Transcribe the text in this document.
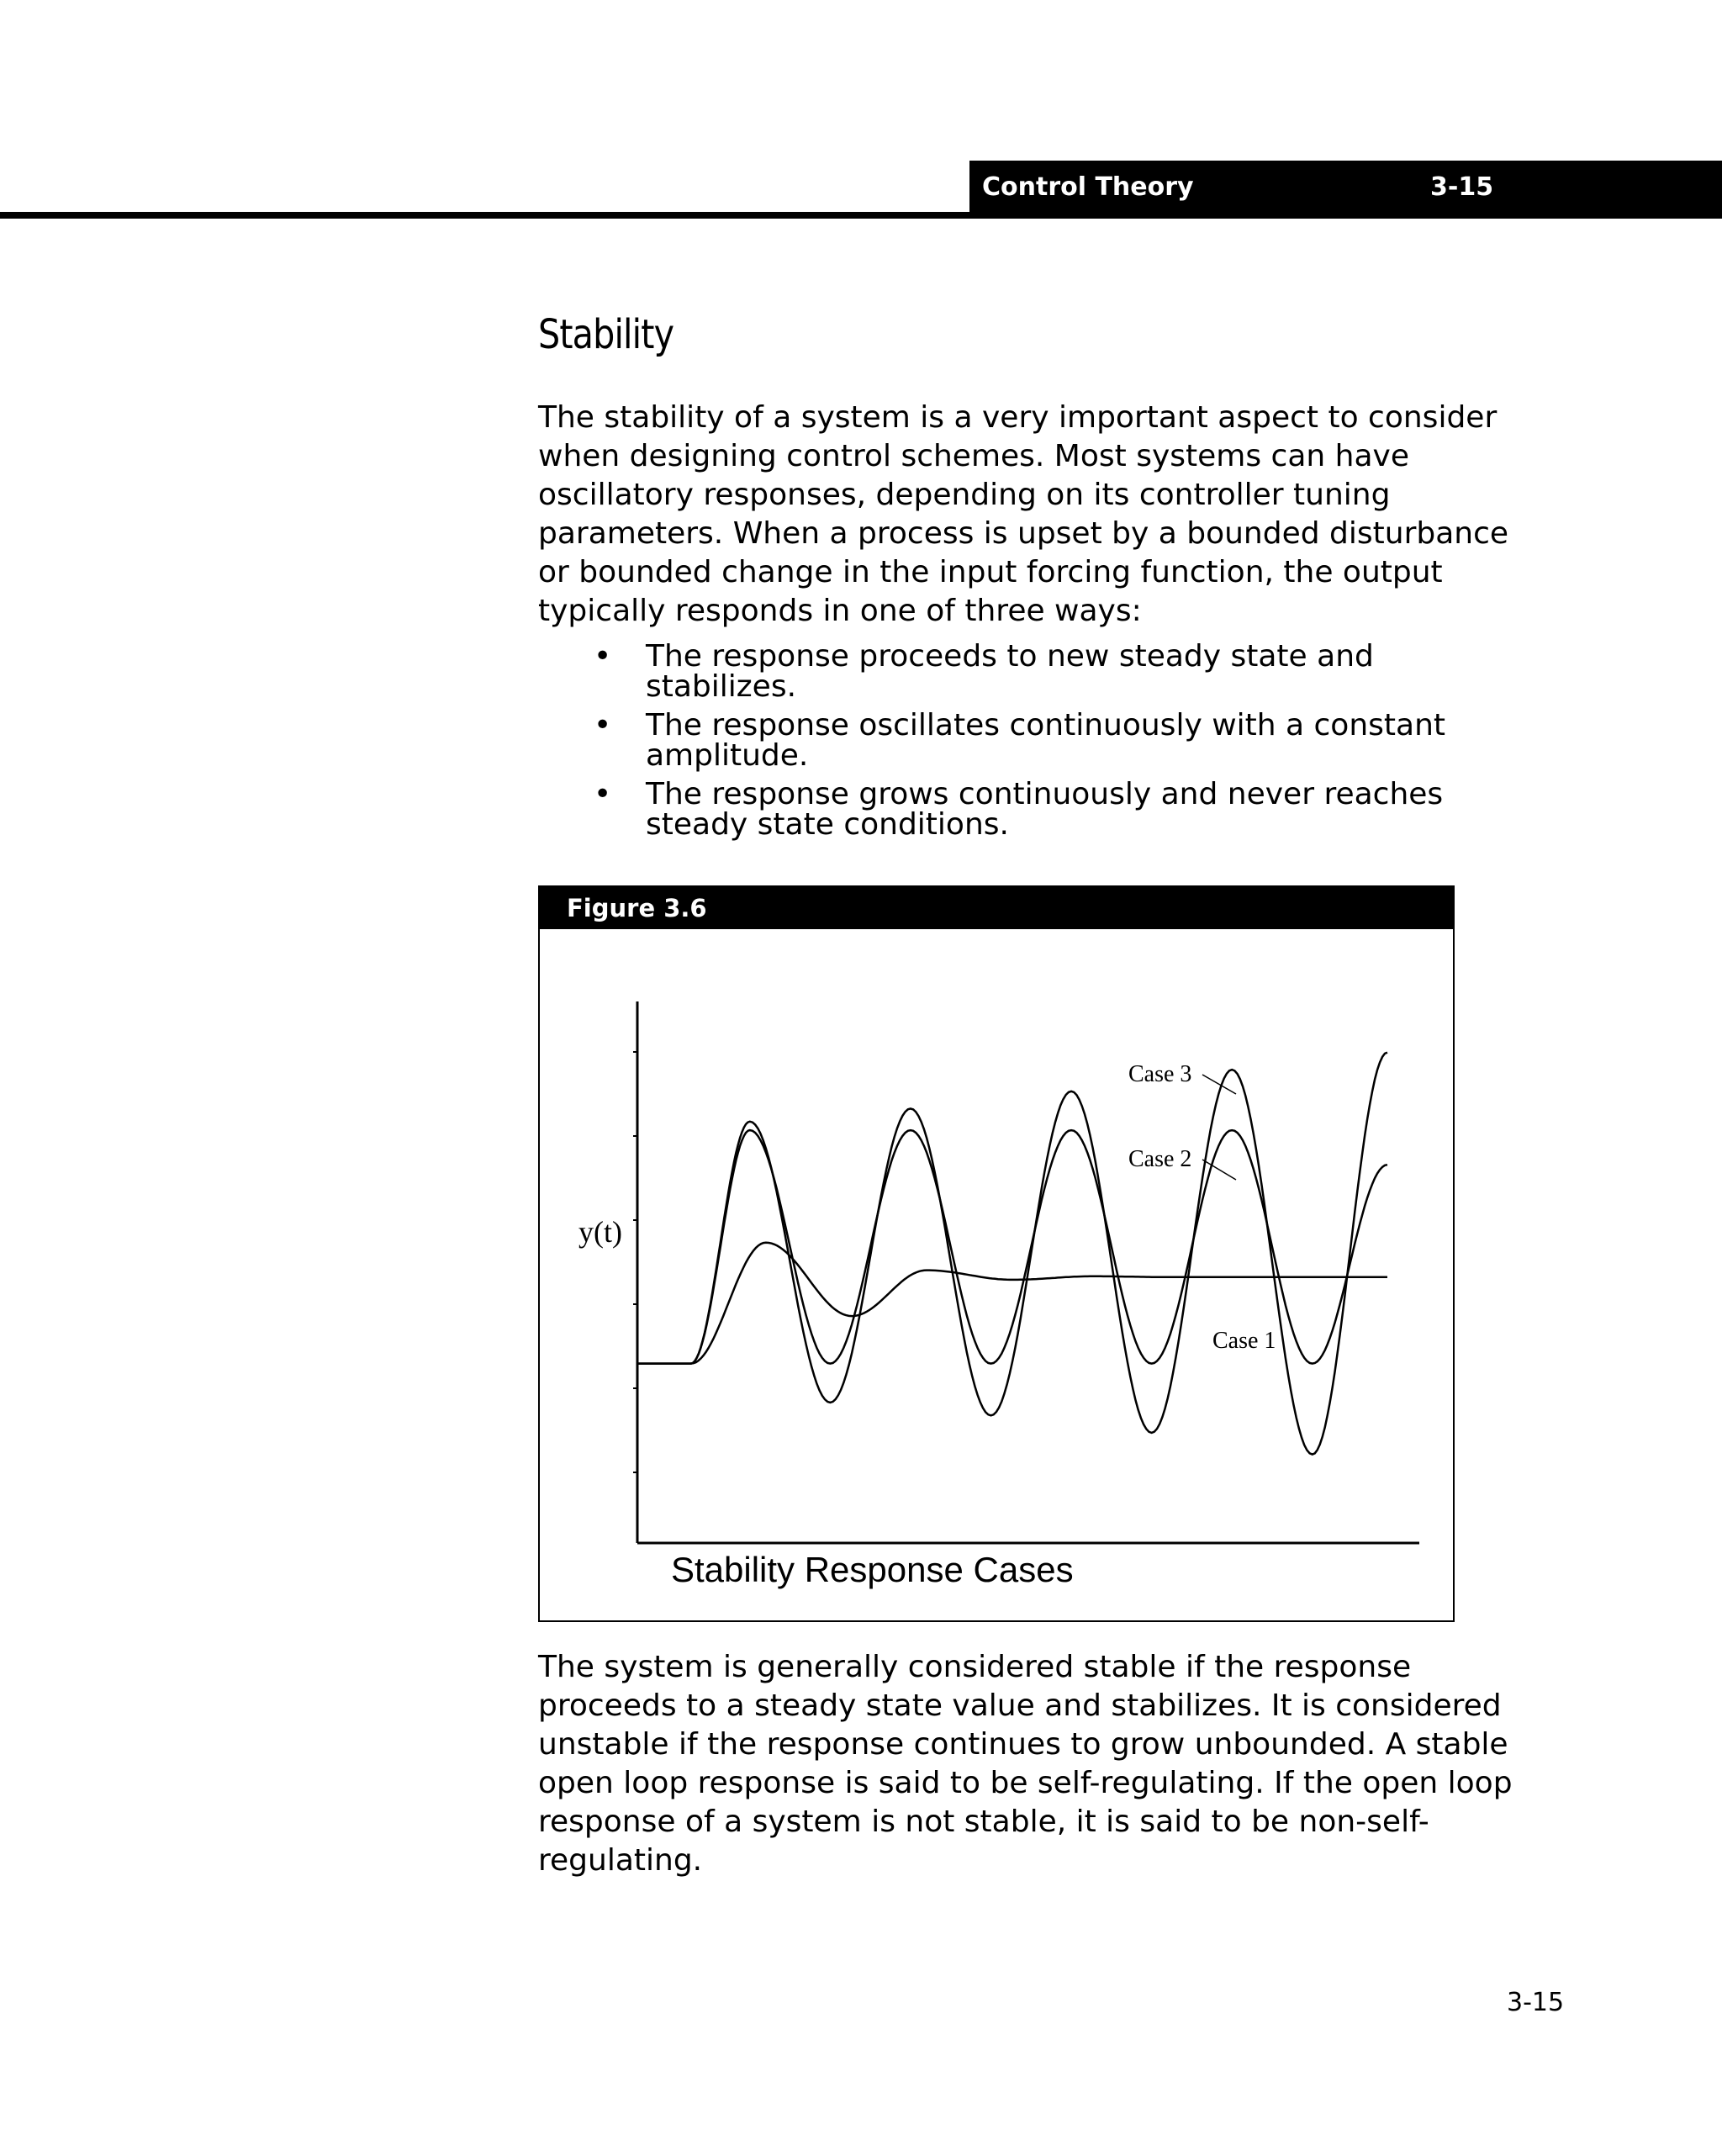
Control Theory	3-15
Stability

The stability of a system is a very important aspect to consider when designing control schemes. Most systems can have oscillatory responses, depending on its controller tuning parameters. When a process is upset by a bounded disturbance or bounded change in the input forcing function, the output typically responds in one of three ways:

• The response proceeds to new steady state and stabilizes.
• The response oscillates continuously with a constant amplitude.
• The response grows continuously and never reaches steady state conditions.
Figure 3.6
y(t)
Case 3
Case 2
Case 1
Stability Response Cases

The system is generally considered stable if the response proceeds to a steady state value and stabilizes. It is considered unstable if the response continues to grow unbounded. A stable open loop response is said to be self-regulating. If the open loop response of a system is not stable, it is said to be non-self-regulating.

3-15
